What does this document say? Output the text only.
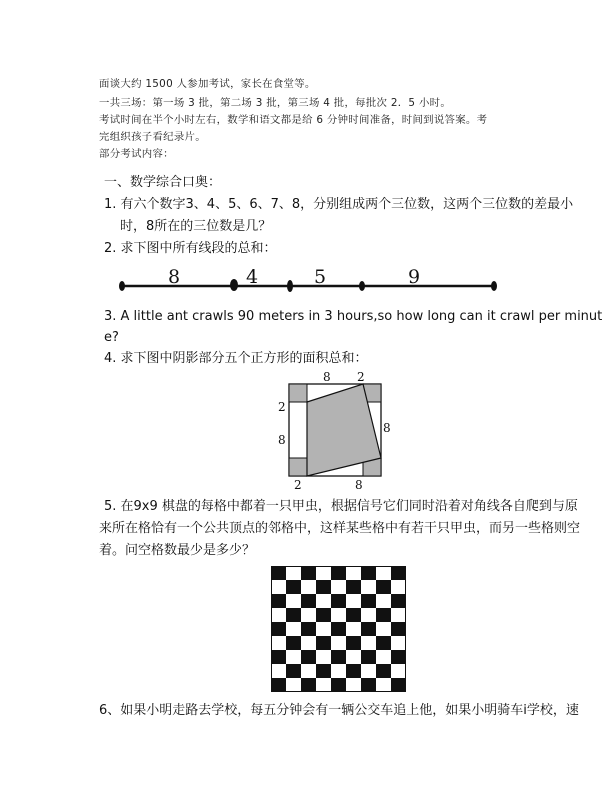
面谈大约 1500 人参加考试，家长在食堂等。
一共三场：第一场 3 批，第二场 3 批，第三场 4 批，每批次 2．5 小时。
考试时间在半个小时左右，数学和语文都是给 6 分钟时间准备，时间到说答案。考
完组织孩子看纪录片。
部分考试内容：
一、数学综合口奥：
1. 有六个数字3、4、5、6、7、8，分别组成两个三位数，这两个三位数的差最小
时，8所在的三位数是几？
2. 求下图中所有线段的总和：
8	4	5	9
3. A little ant crawls 90 meters in 3 hours,so how long can it crawl per minut
e?
4. 求下图中阴影部分五个正方形的面积总和：
8 2
2
8
8
2	8
5. 在9x9 棋盘的每格中都着一只甲虫，根据信号它们同时沿着对角线各自爬到与原
来所在格恰有一个公共顶点的邻格中，这样某些格中有若干只甲虫，而另一些格则空
着。问空格数最少是多少？
6、如果小明走路去学校，每五分钟会有一辆公交车追上他，如果小明骑车i学校，速
